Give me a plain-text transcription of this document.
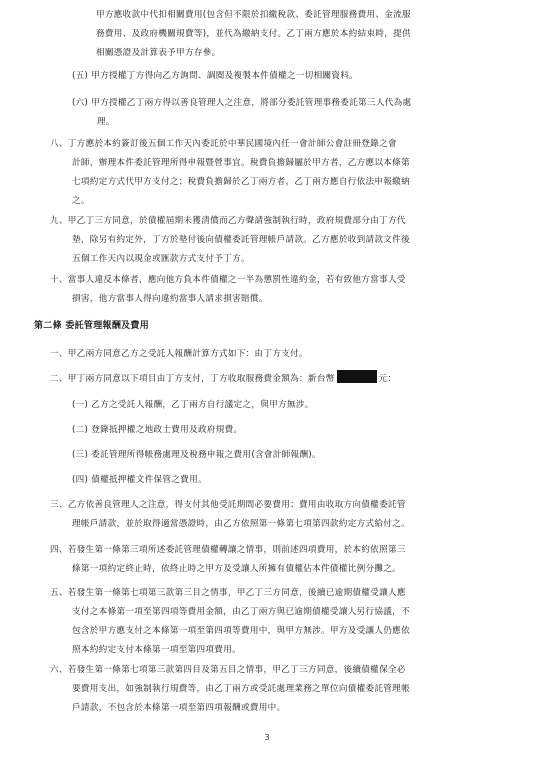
甲方應收款中代扣相關費用(包含但不限於扣繳稅款、委託管理服務費用、金流服
務費用、及政府機關規費等)，並代為繳納支付。乙丁兩方應於本約結束時，提供
相關憑證及計算表予甲方存參。
(五) 甲方授權丁方得向乙方詢問、調閱及複製本件債權之一切相關資料。
(六) 甲方授權乙丁兩方得以善良管理人之注意，將部分委託管理事務委託第三人代為處
理。
八、丁方應於本約簽訂後五個工作天內委託於中華民國境內任一會計師公會註冊登錄之會
計師，辦理本件委託管理所得申報暨營事宜。稅費負擔歸屬於甲方者，乙方應以本條第
七項約定方式代甲方支付之；稅費負擔歸於乙丁兩方者，乙丁兩方應自行依法申報繳納
之。
九、甲乙丁三方同意，於債權屆期未獲清償而乙方聲請強制執行時，政府規費部分由丁方代
墊，除另有約定外，丁方於墊付後向債權委託管理帳戶請款。乙方應於收到請款文件後
五個工作天內以現金或匯款方式支付予丁方。
十、當事人違反本條者，應向他方負本件債權之一半為懲罰性違約金，若有致他方當事人受
損害，他方當事人得向違約當事人請求損害賠償。
第二條 委託管理報酬及費用
一、甲乙兩方同意乙方之受託人報酬計算方式如下：由丁方支付。
二、甲丁兩方同意以下項目由丁方支付，丁方收取服務費金額為：新台幣	元：
(一) 乙方之受託人報酬，乙丁兩方自行議定之，與甲方無涉。
(二) 登錄抵押權之地政士費用及政府規費。
(三) 委託管理所得帳務處理及稅務申報之費用(含會計師報酬)。
(四) 債權抵押權文件保管之費用。
三、乙方依善良管理人之注意，得支付其他受託期間必要費用；費用由收取方向債權委託管
理帳戶請款，並於取得適當憑證時，由乙方依照第一條第七項第四款約定方式給付之。
四、若發生第一條第三項所述委託管理債權轉讓之情事，則前述四項費用，於本約依照第三
條第一項約定終止時，依終止時之甲方及受讓人所擁有債權佔本件債權比例分攤之。
五、若發生第一條第七項第三款第三目之情事，甲乙丁三方同意，後續已逾期債權受讓人應
支付之本條第一項至第四項等費用金額，由乙丁兩方與已逾期債權受讓人另行協議，不
包含於甲方應支付之本條第一項至第四項等費用中，與甲方無涉。甲方及受讓人仍應依
照本約約定支付本條第一項至第四項費用。
六、若發生第一條第七項第三款第四目及第五目之情事，甲乙丁三方同意，後續債權保全必
要費用支出，如強制執行規費等，由乙丁兩方或受託處理業務之單位向債權委託管理帳
戶請款，不包含於本條第一項至第四項報酬或費用中。
3
